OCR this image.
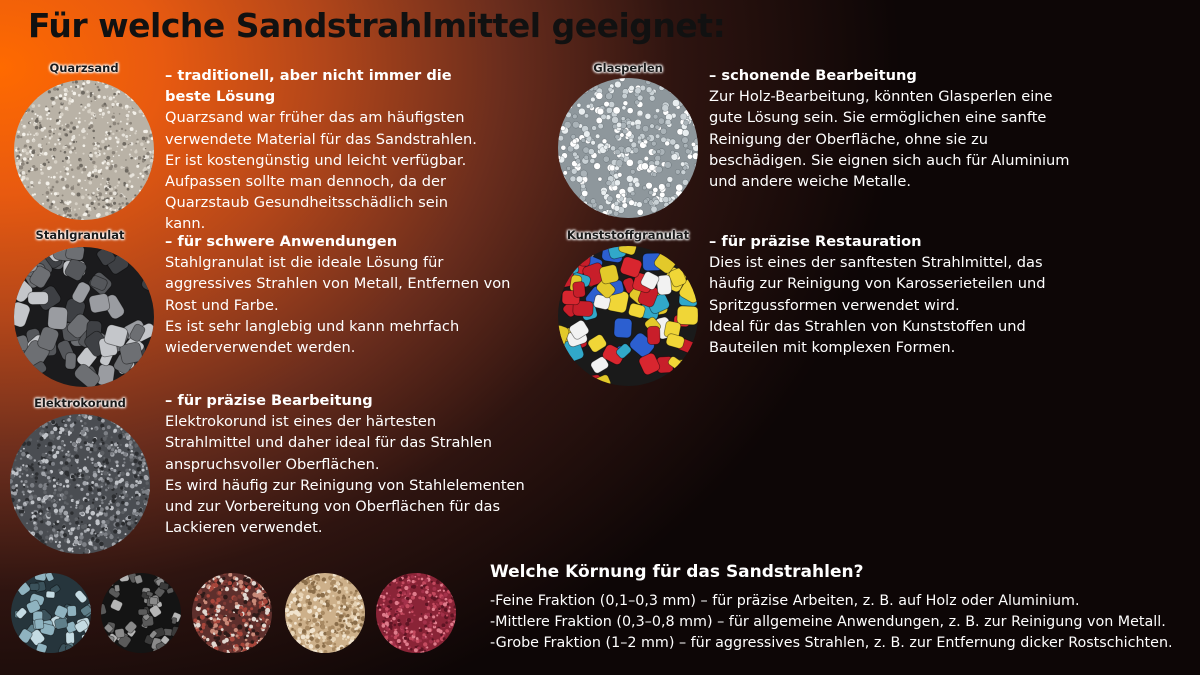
Für welche Sandstrahlmittel geeignet:
Quarzsand	– traditionell, aber nicht immer die beste Lösung
Quarzsand war früher das am häufigsten
verwendete Material für das Sandstrahlen.
Er ist kostengünstig und leicht verfügbar.
Aufpassen sollte man dennoch, da der
Quarzstaub Gesundheitsschädlich sein kann.
Stahlgranulat	– für schwere Anwendungen
Stahlgranulat ist die ideale Lösung für
aggressives Strahlen von Metall, Entfernen von
Rost und Farbe.
Es ist sehr langlebig und kann mehrfach
wiederverwendet werden.
Elektrokorund	– für präzise Bearbeitung
Elektrokorund ist eines der härtesten
Strahlmittel und daher ideal für das Strahlen
anspruchsvoller Oberflächen.
Es wird häufig zur Reinigung von Stahlelementen
und zur Vorbereitung von Oberflächen für das
Lackieren verwendet.
Glasperlen	– schonende Bearbeitung
Zur Holz-Bearbeitung, könnten Glasperlen eine
gute Lösung sein. Sie ermöglichen eine sanfte
Reinigung der Oberfläche, ohne sie zu
beschädigen. Sie eignen sich auch für Aluminium
und andere weiche Metalle.
Kunststoffgranulat	– für präzise Restauration
Dies ist eines der sanftesten Strahlmittel, das
häufig zur Reinigung von Karosserieteilen und
Spritzgussformen verwendet wird.
Ideal für das Strahlen von Kunststoffen und
Bauteilen mit komplexen Formen.
Welche Körnung für das Sandstrahlen?
-Feine Fraktion (0,1–0,3 mm) – für präzise Arbeiten, z. B. auf Holz oder Aluminium.
-Mittlere Fraktion (0,3–0,8 mm) – für allgemeine Anwendungen, z. B. zur Reinigung von Metall.
-Grobe Fraktion (1–2 mm) – für aggressives Strahlen, z. B. zur Entfernung dicker Rostschichten.
